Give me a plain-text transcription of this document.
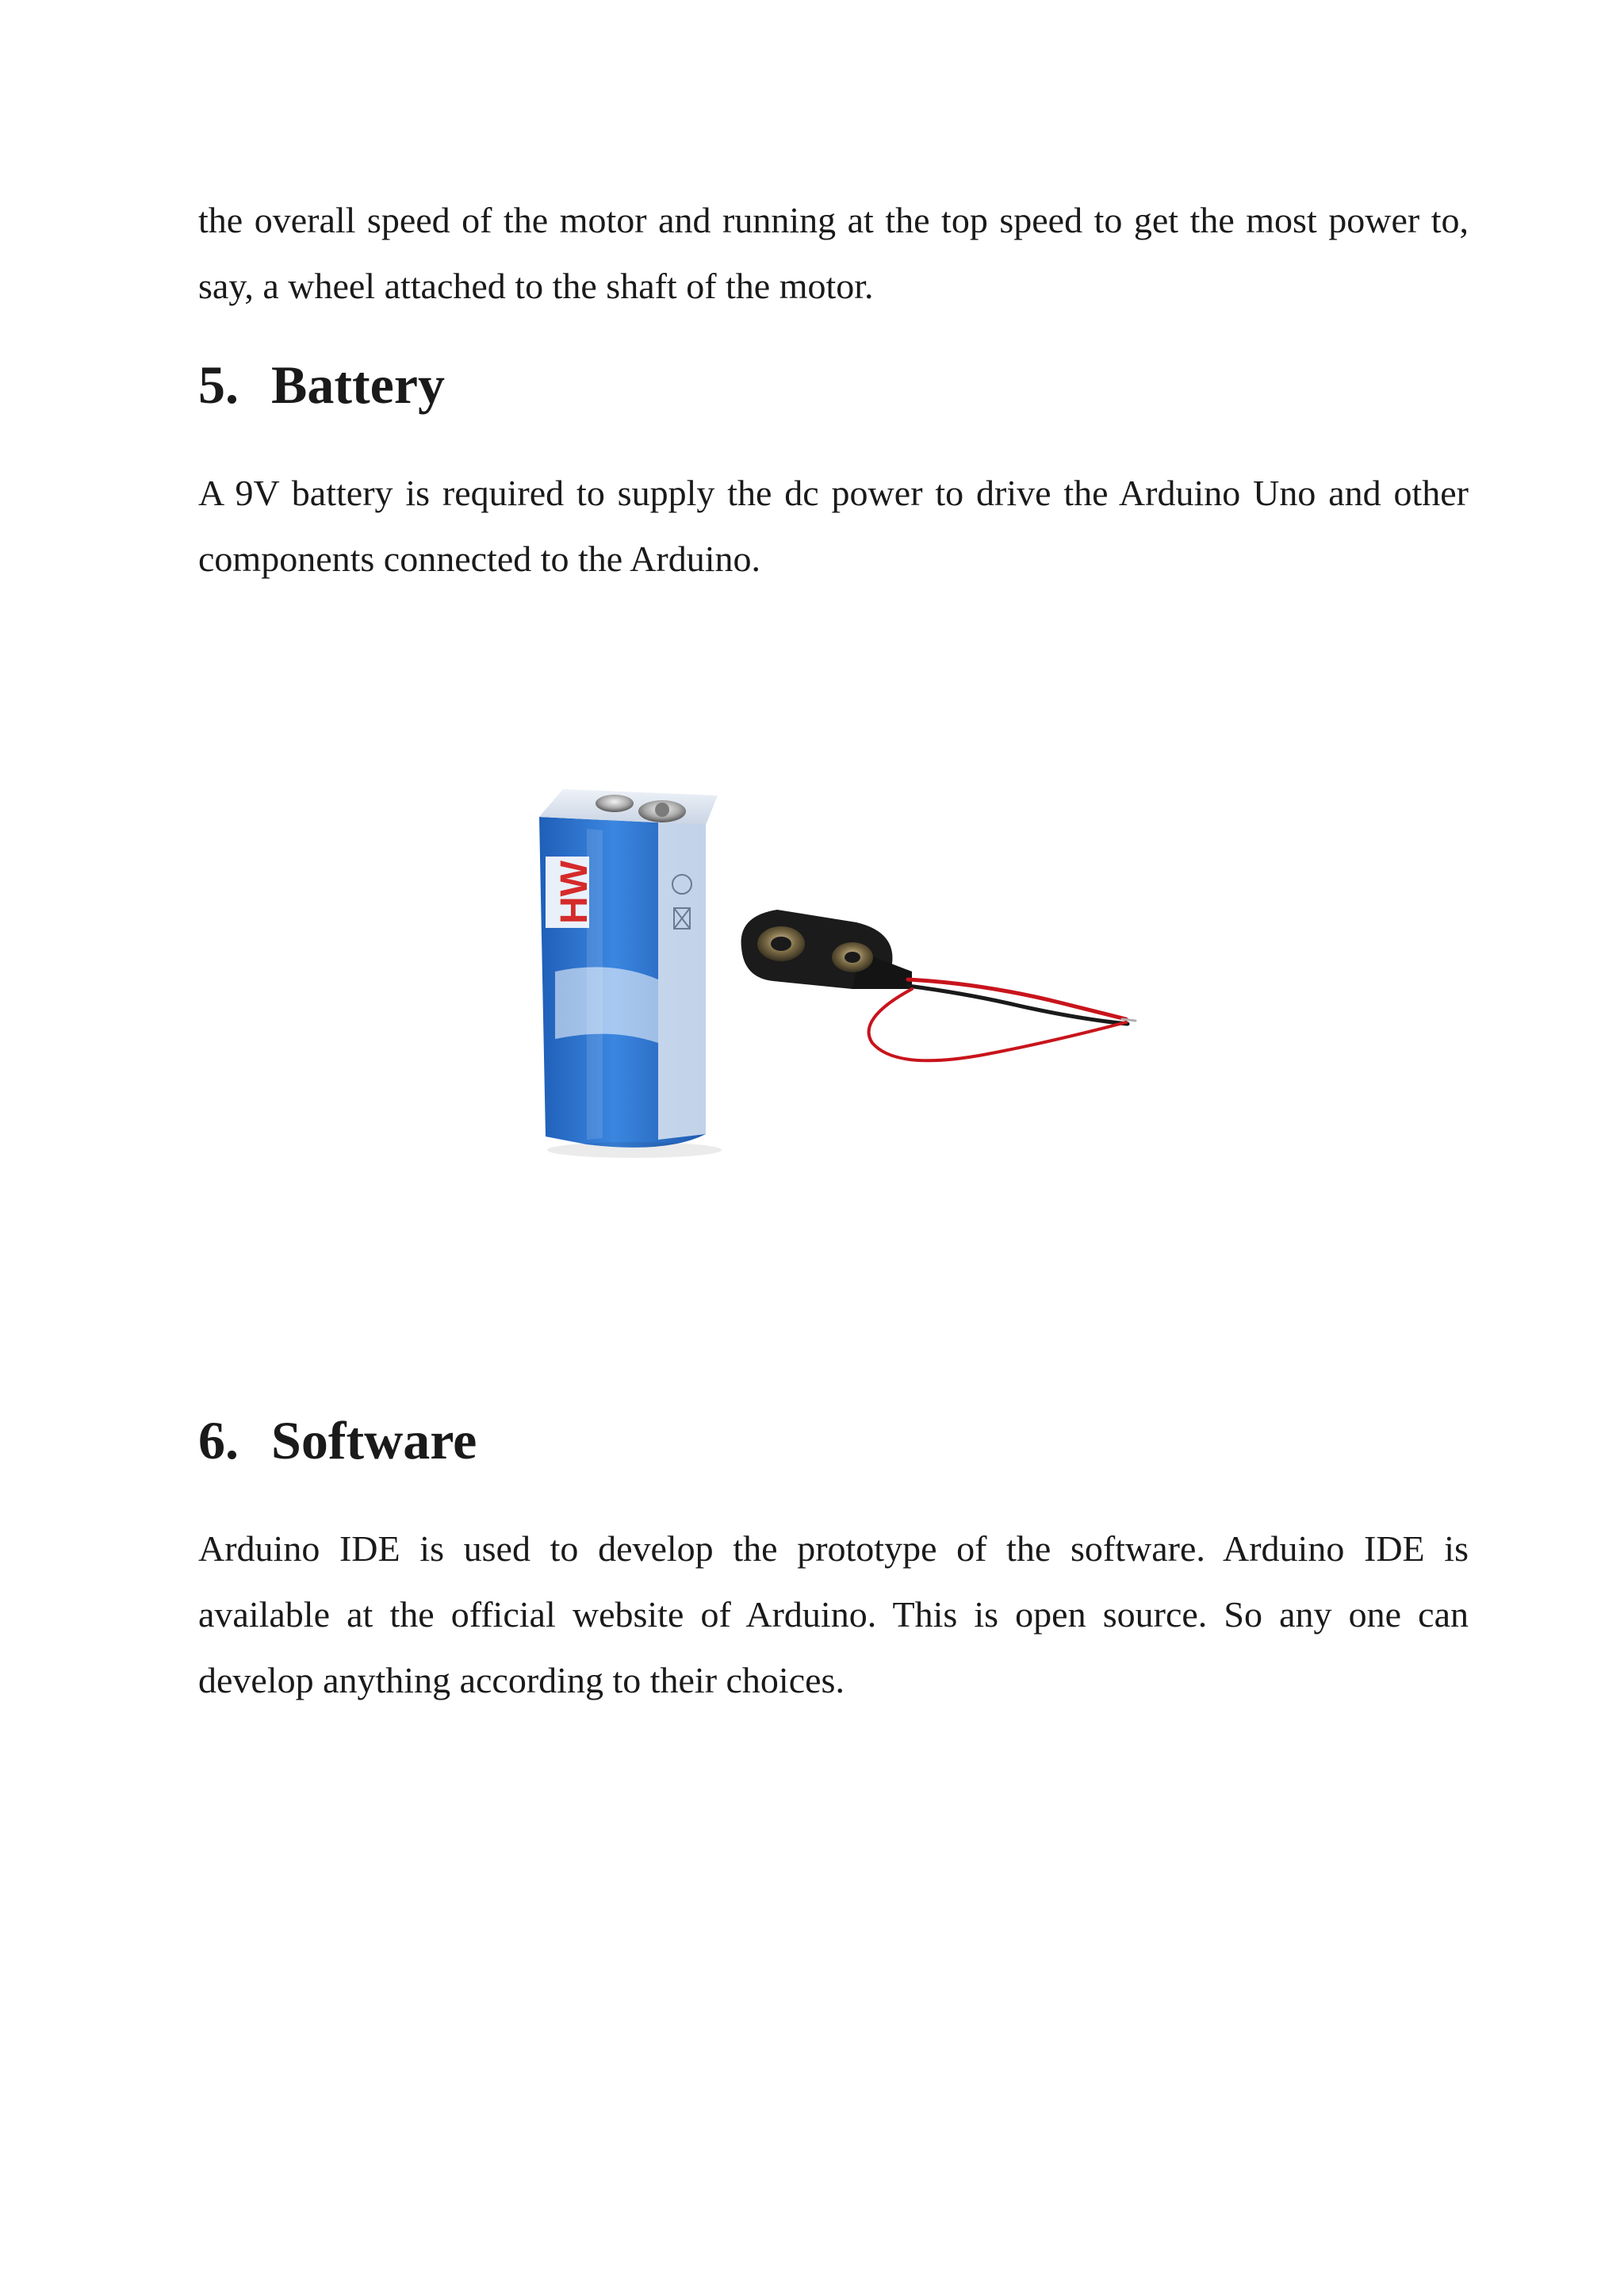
the overall speed of the motor and running at the top speed to get the most power to, say, a wheel attached to the shaft of the motor.

5. Battery

A 9V battery is required to supply the dc power to drive the Arduino Uno and other components connected to the Arduino.

HW
6. Software

Arduino IDE is used to develop the prototype of the software. Arduino IDE is available at the official website of Arduino. This is open source. So any one can develop anything according to their choices.
